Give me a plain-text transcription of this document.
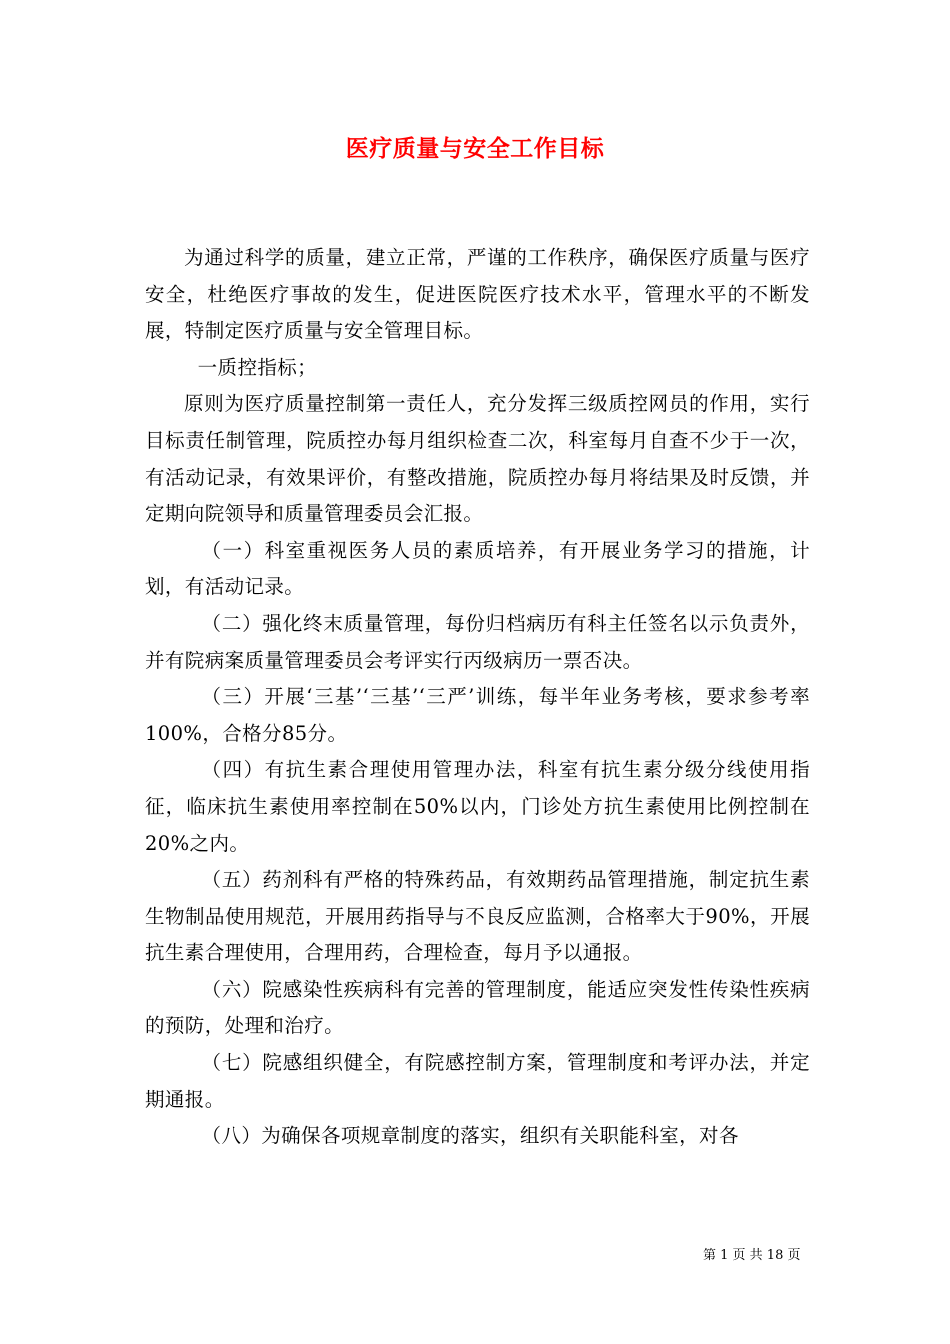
医疗质量与安全工作目标

为通过科学的质量，建立正常，严谨的工作秩序，确保医疗质量与医疗安全，杜绝医疗事故的发生，促进医院医疗技术水平，管理水平的不断发展，特制定医疗质量与安全管理目标。

一质控指标；

原则为医疗质量控制第一责任人，充分发挥三级质控网员的作用，实行目标责任制管理，院质控办每月组织检查二次，科室每月自查不少于一次，有活动记录，有效果评价，有整改措施，院质控办每月将结果及时反馈，并定期向院领导和质量管理委员会汇报。

（一）科室重视医务人员的素质培养，有开展业务学习的措施，计划，有活动记录。

（二）强化终末质量管理，每份归档病历有科主任签名以示负责外，并有院病案质量管理委员会考评实行丙级病历一票否决。

（三）开展‘三基’‘三基’‘三严’训练，每半年业务考核，要求参考率100%，合格分85分。

（四）有抗生素合理使用管理办法，科室有抗生素分级分线使用指征，临床抗生素使用率控制在50%以内，门诊处方抗生素使用比例控制在20%之内。

（五）药剂科有严格的特殊药品，有效期药品管理措施，制定抗生素生物制品使用规范，开展用药指导与不良反应监测，合格率大于90%，开展抗生素合理使用，合理用药，合理检查，每月予以通报。

（六）院感染性疾病科有完善的管理制度，能适应突发性传染性疾病的预防，处理和治疗。

（七）院感组织健全，有院感控制方案，管理制度和考评办法，并定期通报。

（八）为确保各项规章制度的落实，组织有关职能科室，对各

第 1 页 共 18 页
